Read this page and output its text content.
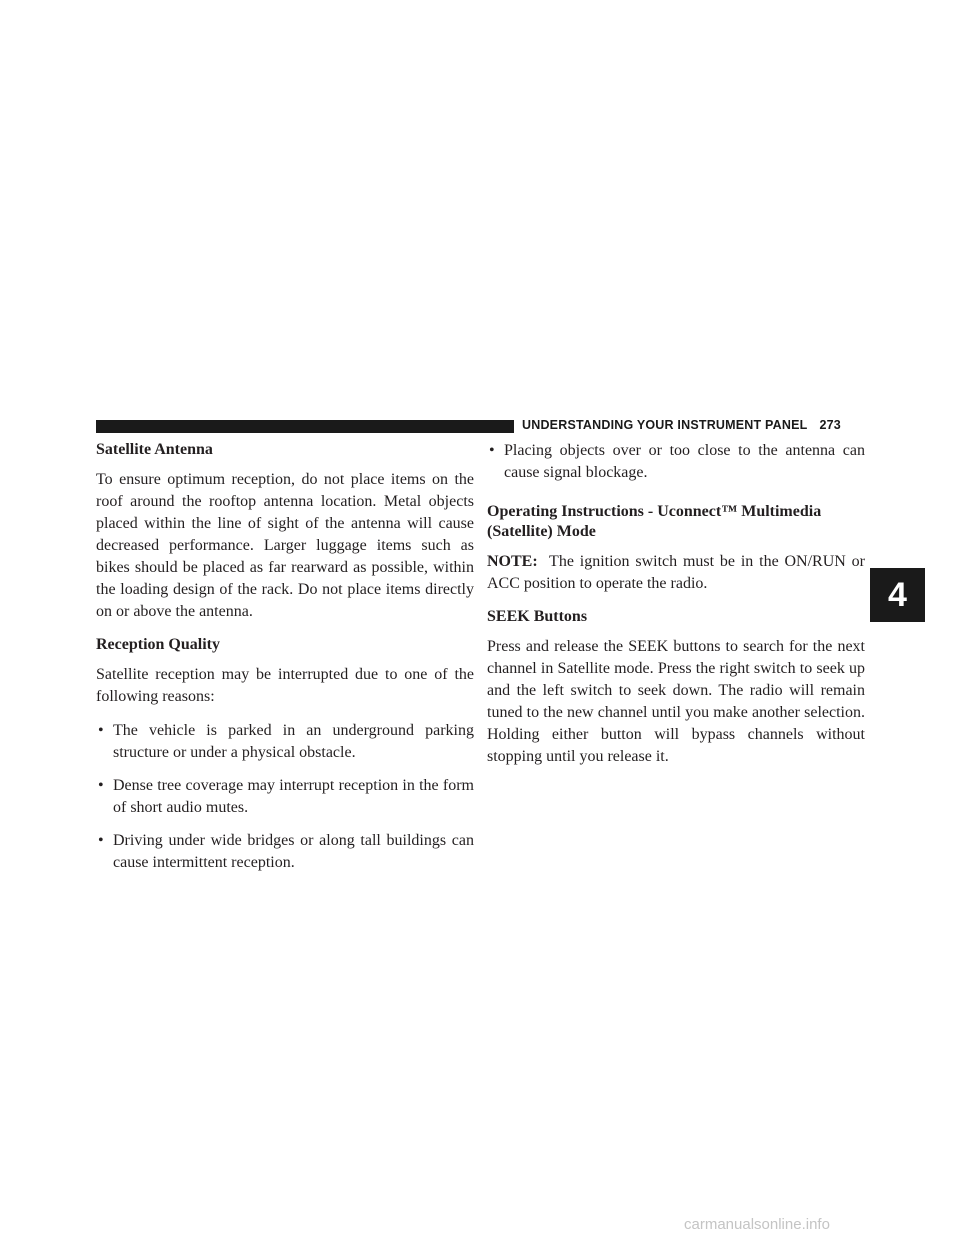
UNDERSTANDING YOUR INSTRUMENT PANEL 273
Satellite Antenna

To ensure optimum reception, do not place items on the roof around the rooftop antenna location. Metal objects placed within the line of sight of the antenna will cause decreased performance. Larger luggage items such as bikes should be placed as far rearward as possible, within the loading design of the rack. Do not place items directly on or above the antenna.

Reception Quality

Satellite reception may be interrupted due to one of the following reasons:

• The vehicle is parked in an underground parking structure or under a physical obstacle.
• Dense tree coverage may interrupt reception in the form of short audio mutes.
• Driving under wide bridges or along tall buildings can cause intermittent reception.
• Placing objects over or too close to the antenna can cause signal blockage.
Operating Instructions - Uconnect™ Multimedia (Satellite) Mode

NOTE: The ignition switch must be in the ON/RUN or ACC position to operate the radio.

SEEK Buttons

Press and release the SEEK buttons to search for the next channel in Satellite mode. Press the right switch to seek up and the left switch to seek down. The radio will remain tuned to the new channel until you make another selection. Holding either button will bypass channels without stopping until you release it.

4
carmanualsonline.info
